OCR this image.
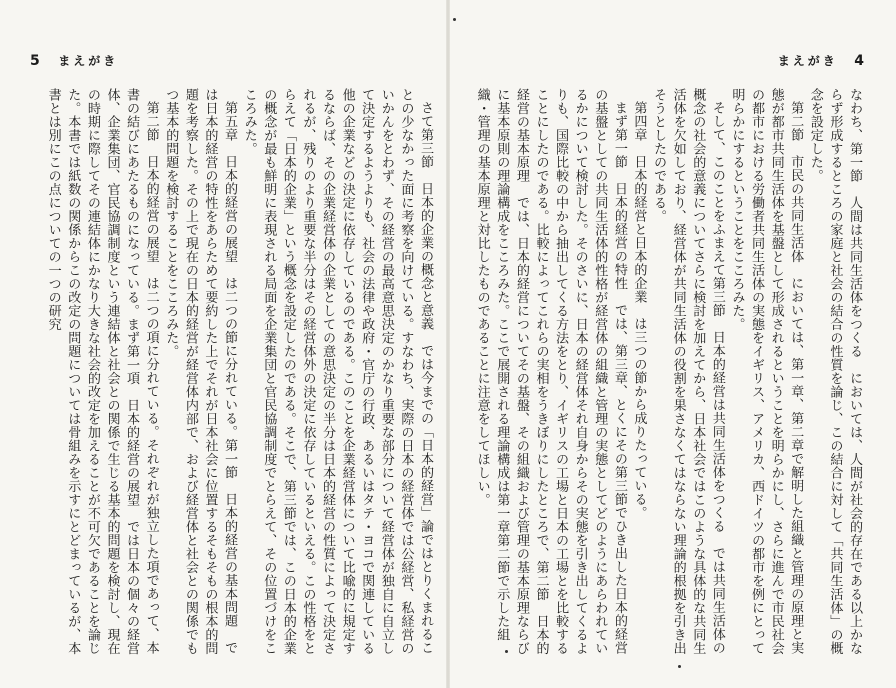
5 まえがき

さて第三節　日本的企業の概念と意義　では今までの「日本的経営」論ではとりくまれることの少なかった面に考察を向けている。すなわち、実際の日本の経営体では公経営、私経営のいかんをとわず、その経営の最高意思決定のかなり重要な部分について経営体が独自に自立して決定するようよりも、社会の法律や政府・官庁の行政、あるいはタテ・ヨコで関連している他の企業などの決定に依存しているのである。このことを企業経営体について比喩的に規定するならば、その企業経営体の企業としての意思決定の半分は日本的経営の性質によって決定されるが、残りのより重要な半分はその経営体外の決定に依存しているといえる。この性格をとらえて「日本的企業」という概念を設定したのである。そこで、第三節では、この日本的企業の概念が最も鮮明に表現される局面を企業集団と官民協調制度でとらえて、その位置づけをこころみた。

第五章　日本的経営の展望　は二つの節に分れている。第一節　日本的経営の基本問題　では日本的経営の特性をあらためて要約した上でそれが日本社会に位置するそもそもの根本的問題を考察した。その上で現在の日本的経営が経営体内部で、および経営体と社会との関係でもつ基本的問題を検討することをこころみた。

第二節　日本的経営の展望　は二つの項に分れている。それぞれが独立した項であって、本書の結びにあたるものになっている。まず第一項　日本的経営の展望　では日本の個々の経営体、企業集団、官民協調制度という連結体と社会との関係で生じる基本的問題を検討し、現在の時期に際してその連結体にかなり大きな社会的改定を加えることが不可欠であることを論じた。本書では紙数の関係からこの改定の問題については骨組みを示すにとどまっているが、本書とは別にこの点についての一つの研究

まえがき 4

なわち、第一節　人間は共同生活体をつくる　においては、人間が社会的存在である以上かならず形成するところの家庭と社会の結合の性質を論じ、この結合に対して「共同生活体」の概念を設定した。

第二節　市民の共同生活体　においては、第一章、第二章で解明した組織と管理の原理と実態が都市共同生活体を基盤として形成されるということを明らかにし、さらに進んで市民社会の都市における労働者共同生活体の実態をイギリス、アメリカ、西ドイツの都市を例にとって明らかにするということをこころみた。

そして、このことをふまえて第三節　日本的経営は共同生活体をつくる　では共同生活体の概念の社会的意義についてさらに検討を加えてから、日本社会ではこのような具体的な共同生活体を欠如しており、経営体が共同生活体の役割を果さなくてはならない理論的根拠を引き出そうとしたのである。

第四章　日本的経営と日本的企業　は三つの節から成りたっている。

まず第一節　日本的経営の特性　では、第三章、とくにその第三節でひき出した日本的経営の基盤としての共同生活体的性格が経営体の組織と管理の実態としてどのようにあらわれているかについて検討した。そのさいに、日本の経営体それ自身からその実態を引き出してくるよりも、国際比較の中から抽出してくる方法をとり、イギリスの工場と日本の工場とを比較することにしたのである。比較によってこれらの実相をうきぼりにしたところで、第二節　日本的経営の基本原理　では、日本的経営についてその基盤、その組織および管理の基本原理ならびに基本原則の理論構成をこころみた。ここで展開される理論構成は第一章第二節で示した組織・管理の基本原理と対比したものであることに注意をしてほしい。
